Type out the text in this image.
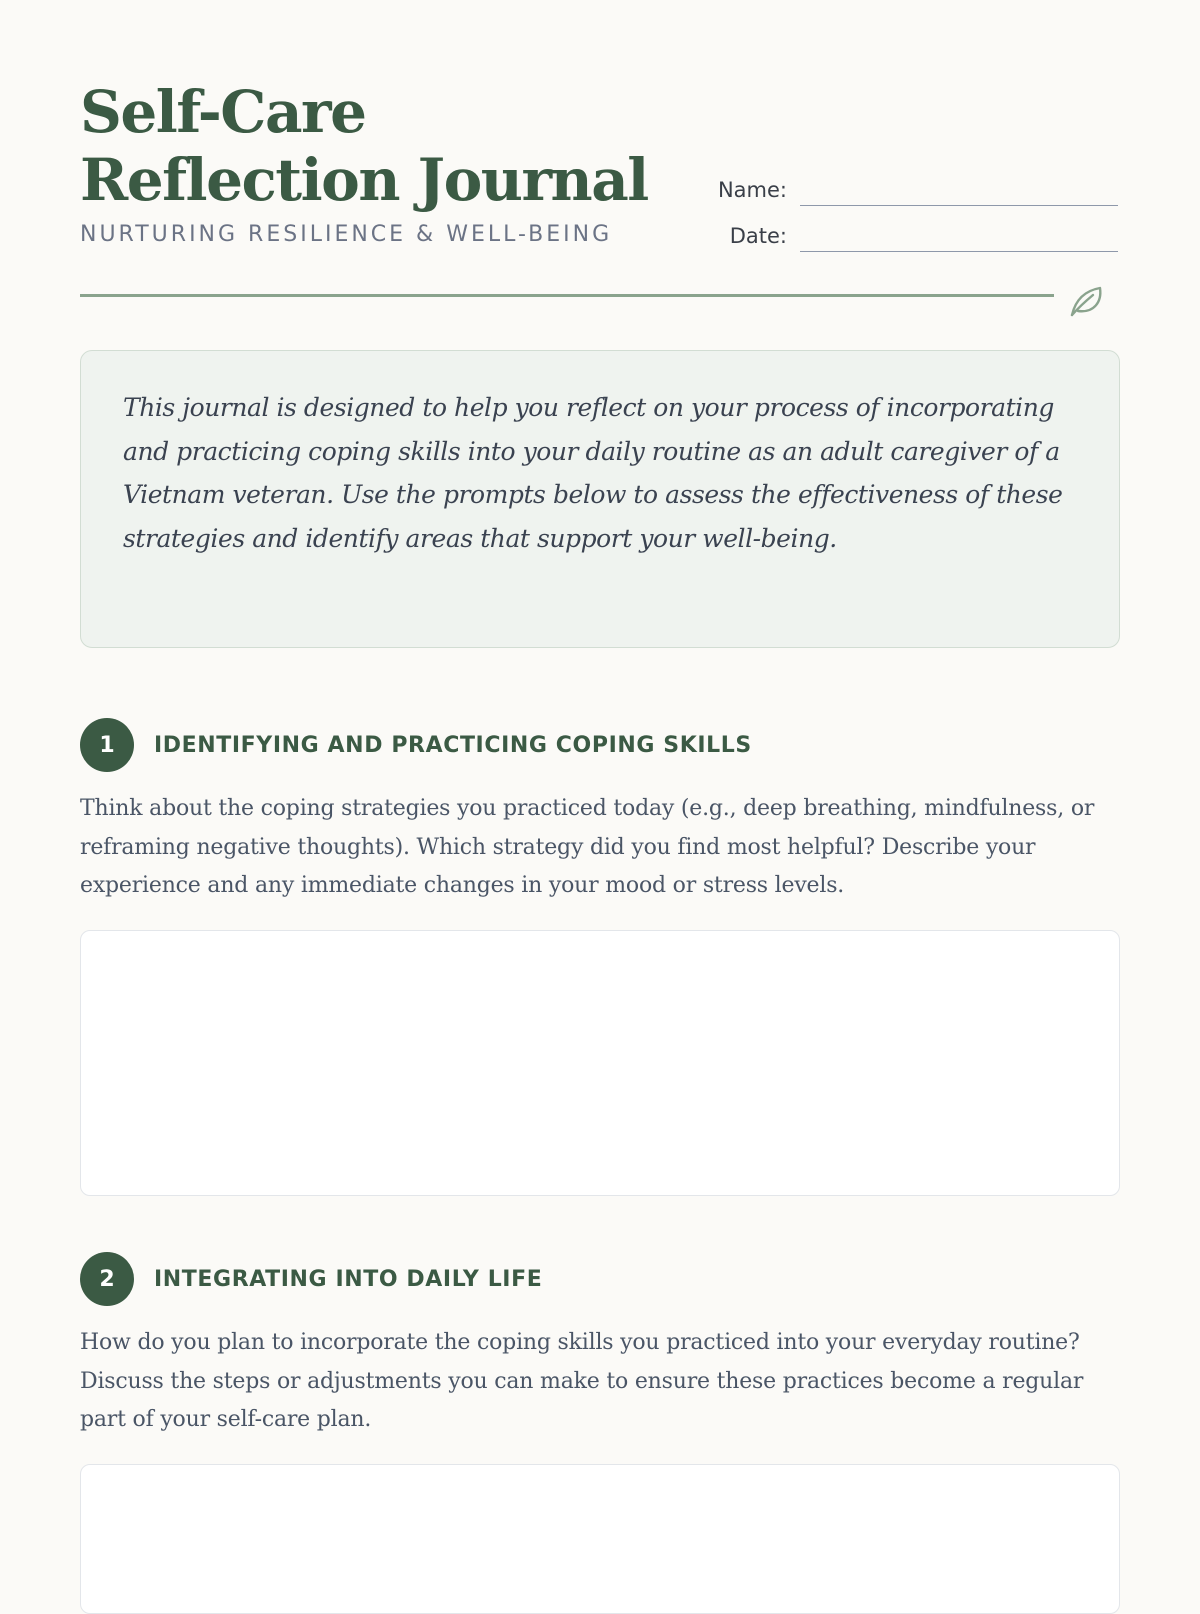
Self-Care Reflection Journal
NURTURING RESILIENCE & WELL-BEING
Name:
Date:

This journal is designed to help you reflect on your process of incorporating and practicing coping skills into your daily routine as an adult caregiver of a Vietnam veteran. Use the prompts below to assess the effectiveness of these strategies and identify areas that support your well-being.

1	IDENTIFYING AND PRACTICING COPING SKILLS

Think about the coping strategies you practiced today (e.g., deep breathing, mindfulness, or reframing negative thoughts). Which strategy did you find most helpful? Describe your experience and any immediate changes in your mood or stress levels.

2	INTEGRATING INTO DAILY LIFE

How do you plan to incorporate the coping skills you practiced into your everyday routine? Discuss the steps or adjustments you can make to ensure these practices become a regular part of your self-care plan.
